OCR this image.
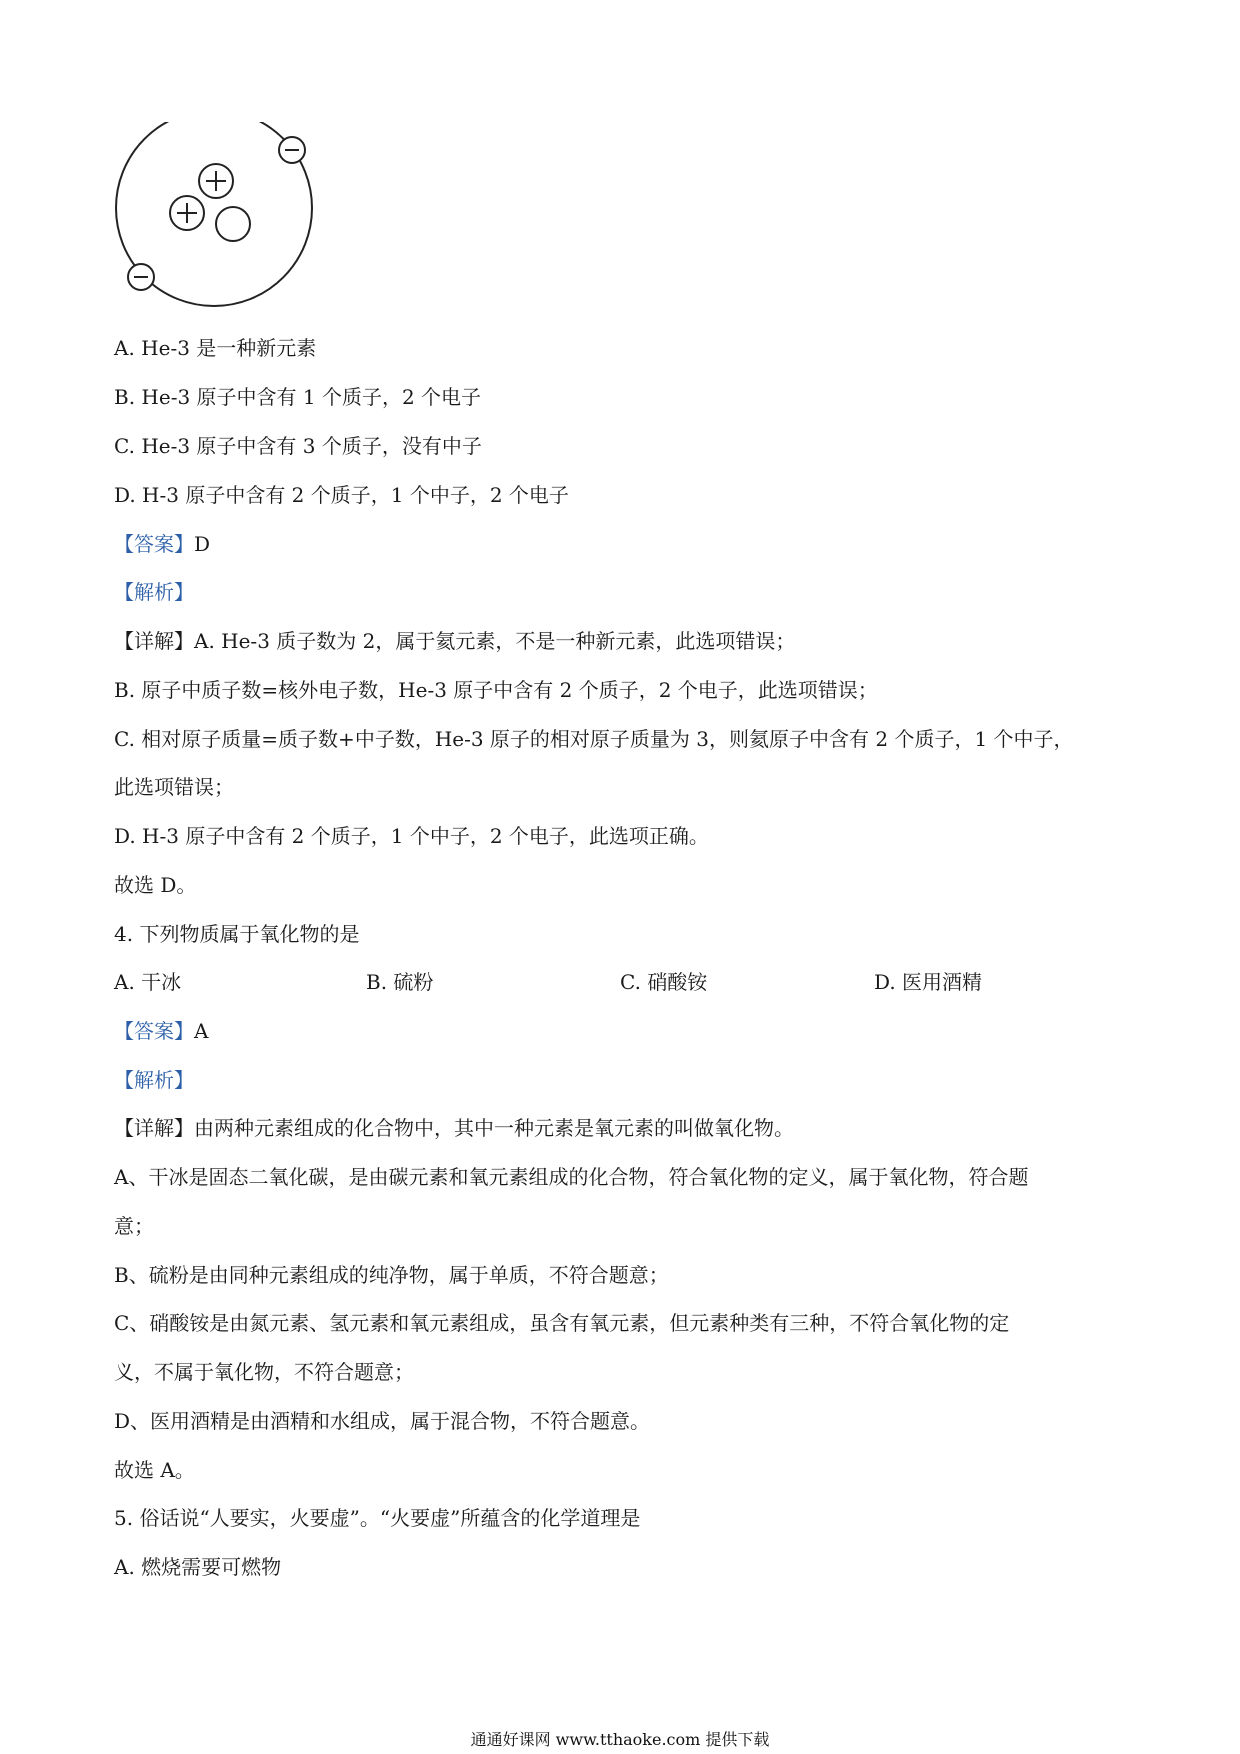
A. He-3 是一种新元素
B. He-3 原子中含有 1 个质子，2 个电子
C. He-3 原子中含有 3 个质子，没有中子
D. H-3 原子中含有 2 个质子，1 个中子，2 个电子
【答案】D
【解析】
【详解】A. He-3 质子数为 2，属于氦元素，不是一种新元素，此选项错误；
B. 原子中质子数=核外电子数，He-3 原子中含有 2 个质子，2 个电子，此选项错误；
C. 相对原子质量=质子数+中子数，He-3 原子的相对原子质量为 3，则氦原子中含有 2 个质子，1 个中子，
此选项错误；
D. H-3 原子中含有 2 个质子，1 个中子，2 个电子，此选项正确。
故选 D。
4. 下列物质属于氧化物的是
A. 干冰	B. 硫粉	C. 硝酸铵	D. 医用酒精
【答案】A
【解析】
【详解】由两种元素组成的化合物中，其中一种元素是氧元素的叫做氧化物。
A、干冰是固态二氧化碳，是由碳元素和氧元素组成的化合物，符合氧化物的定义，属于氧化物，符合题
意；
B、硫粉是由同种元素组成的纯净物，属于单质，不符合题意；
C、硝酸铵是由氮元素、氢元素和氧元素组成，虽含有氧元素，但元素种类有三种，不符合氧化物的定
义，不属于氧化物，不符合题意；
D、医用酒精是由酒精和水组成，属于混合物，不符合题意。
故选 A。
5. 俗话说“人要实，火要虚”。“火要虚”所蕴含的化学道理是
A. 燃烧需要可燃物
通通好课网 www.tthaoke.com 提供下载
